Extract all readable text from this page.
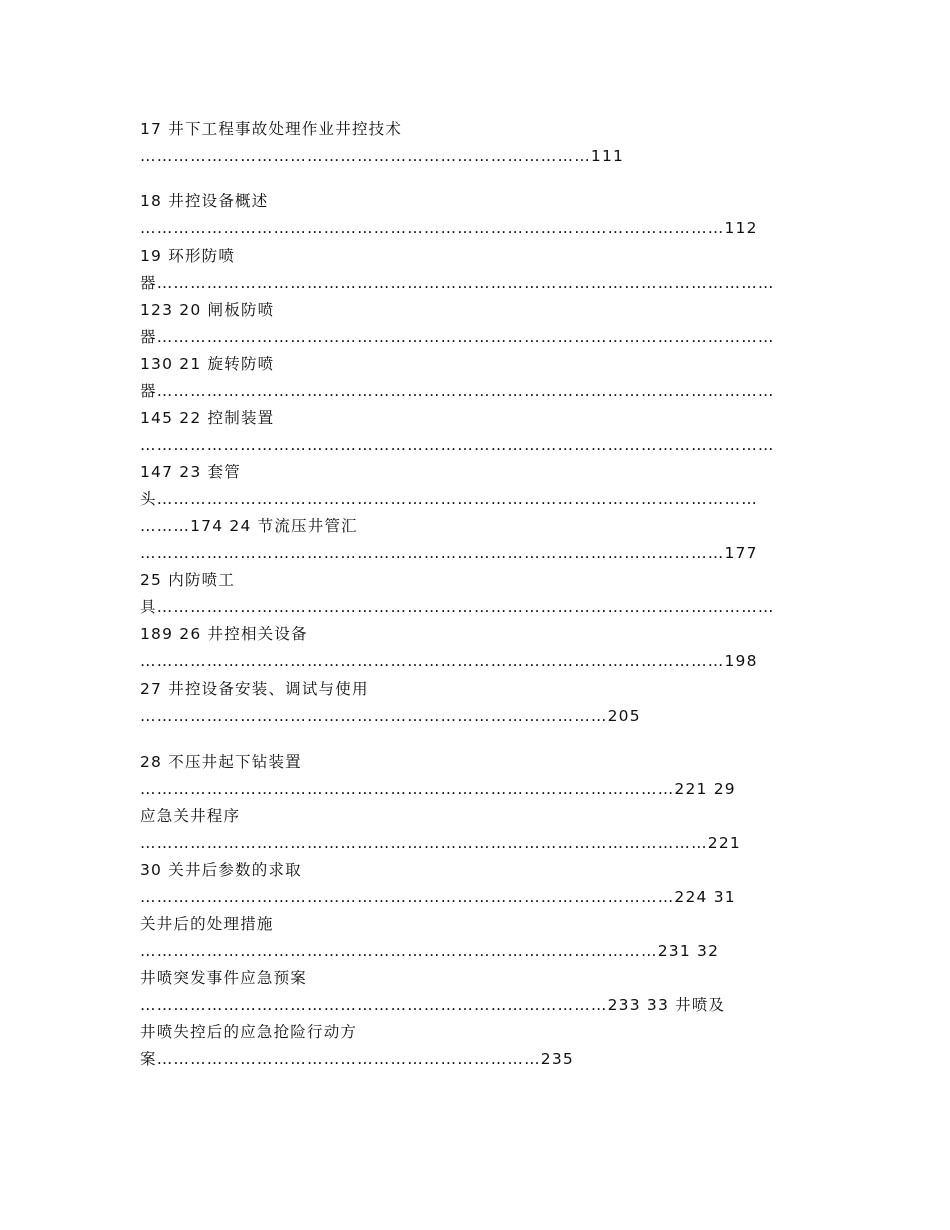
17 井下工程事故处理作业井控技术
………………………………………………………………………111
18 井控设备概述
……………………………………………………………………………………………112
19 环形防喷
器…………………………………………………………………………………………………
123 20 闸板防喷
器…………………………………………………………………………………………………
130 21 旋转防喷
器…………………………………………………………………………………………………
145 22 控制装置
……………………………………………………………………………………………………
147 23 套管
头………………………………………………………………………………………………
………174 24 节流压井管汇
……………………………………………………………………………………………177
25 内防喷工
具…………………………………………………………………………………………………
189 26 井控相关设备
……………………………………………………………………………………………198
27 井控设备安装、调试与使用
…………………………………………………………………………205
28 不压井起下钻装置
……………………………………………………………………………………221 29
应急关井程序
…………………………………………………………………………………………221
30 关井后参数的求取
……………………………………………………………………………………224 31
关井后的处理措施
…………………………………………………………………………………231 32
井喷突发事件应急预案
…………………………………………………………………………233 33 井喷及
井喷失控后的应急抢险行动方
案……………………………………………………………235
